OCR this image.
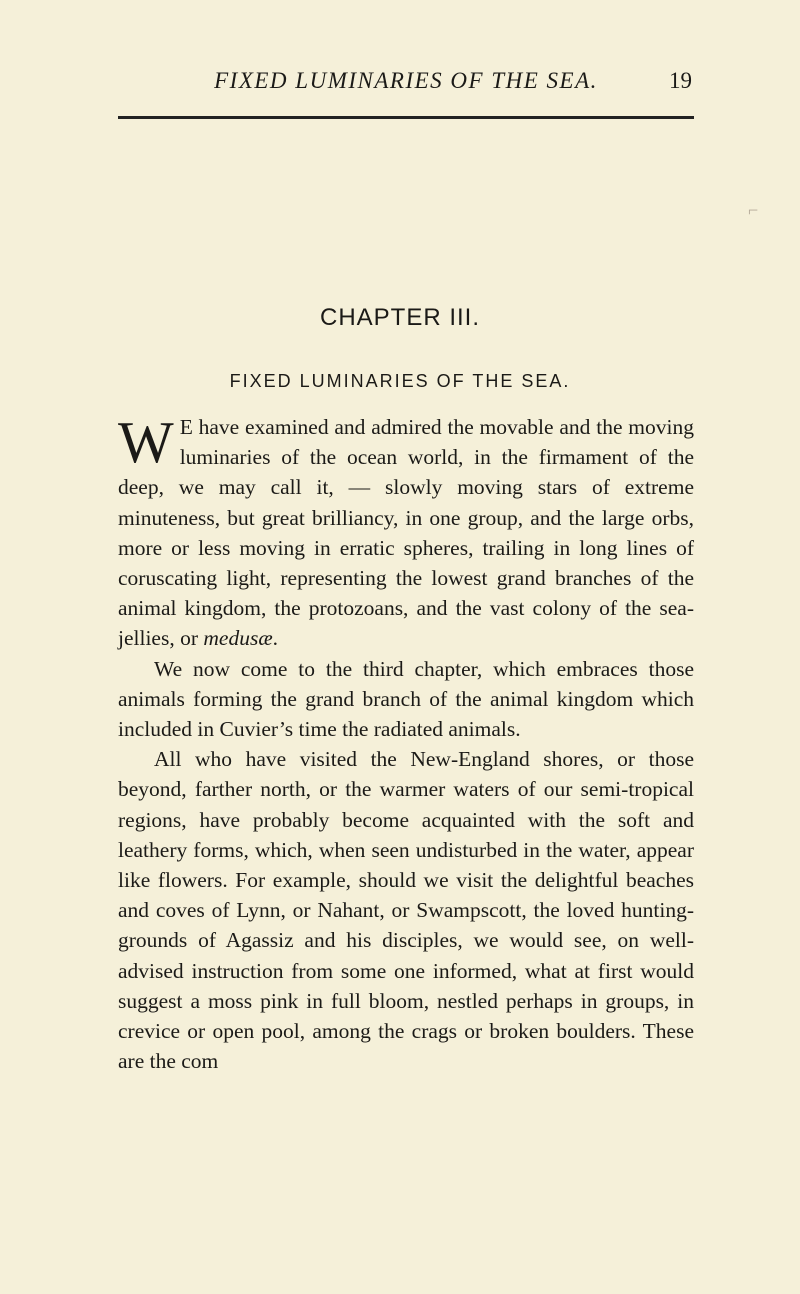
FIXED LUMINARIES OF THE SEA.	19
⌐
CHAPTER III.
FIXED LUMINARIES OF THE SEA.

W E have examined and admired the movable and the moving luminaries of the ocean world, in the firmament of the deep, we may call it, — slowly moving stars of extreme minuteness, but great brilliancy, in one group, and the large orbs, more or less moving in erratic spheres, trailing in long lines of coruscating light, representing the lowest grand branches of the animal kingdom, the protozoans, and the vast colony of the sea-jellies, or medusæ.

We now come to the third chapter, which embraces those animals forming the grand branch of the animal kingdom which included in Cuvier’s time the radiated animals.

All who have visited the New-England shores, or those beyond, farther north, or the warmer waters of our semi-tropical regions, have probably become acquainted with the soft and leathery forms, which, when seen undisturbed in the water, appear like flowers. For example, should we visit the delightful beaches and coves of Lynn, or Nahant, or Swampscott, the loved hunting-grounds of Agassiz and his disciples, we would see, on well-advised instruction from some one informed, what at first would suggest a moss pink in full bloom, nestled perhaps in groups, in crevice or open pool, among the crags or broken boulders. These are the com
